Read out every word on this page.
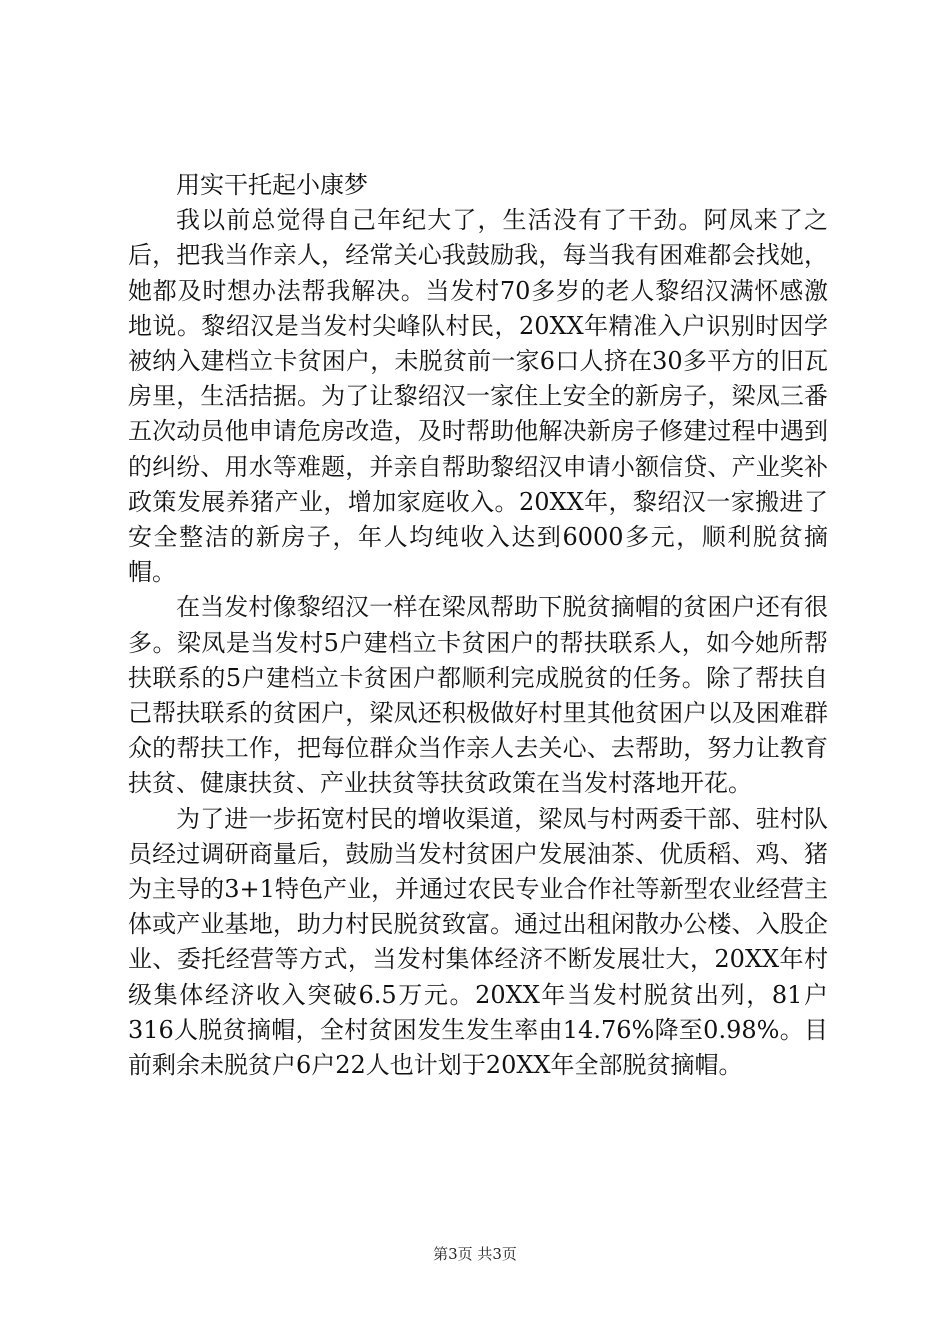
用实干托起小康梦

我以前总觉得自己年纪大了，生活没有了干劲。阿凤来了之后，把我当作亲人，经常关心我鼓励我，每当我有困难都会找她，她都及时想办法帮我解决。当发村70多岁的老人黎绍汉满怀感激地说。黎绍汉是当发村尖峰队村民，20XX年精准入户识别时因学被纳入建档立卡贫困户，未脱贫前一家6口人挤在30多平方的旧瓦房里，生活拮据。为了让黎绍汉一家住上安全的新房子，梁凤三番五次动员他申请危房改造，及时帮助他解决新房子修建过程中遇到的纠纷、用水等难题，并亲自帮助黎绍汉申请小额信贷、产业奖补政策发展养猪产业，增加家庭收入。20XX年，黎绍汉一家搬进了安全整洁的新房子，年人均纯收入达到6000多元，顺利脱贫摘帽。

在当发村像黎绍汉一样在梁凤帮助下脱贫摘帽的贫困户还有很多。梁凤是当发村5户建档立卡贫困户的帮扶联系人，如今她所帮扶联系的5户建档立卡贫困户都顺利完成脱贫的任务。除了帮扶自己帮扶联系的贫困户，梁凤还积极做好村里其他贫困户以及困难群众的帮扶工作，把每位群众当作亲人去关心、去帮助，努力让教育扶贫、健康扶贫、产业扶贫等扶贫政策在当发村落地开花。

为了进一步拓宽村民的增收渠道，梁凤与村两委干部、驻村队员经过调研商量后，鼓励当发村贫困户发展油茶、优质稻、鸡、猪为主导的3+1特色产业，并通过农民专业合作社等新型农业经营主体或产业基地，助力村民脱贫致富。通过出租闲散办公楼、入股企业、委托经营等方式，当发村集体经济不断发展壮大，20XX年村级集体经济收入突破6.5万元。20XX年当发村脱贫出列，81户316人脱贫摘帽，全村贫困发生发生率由14.76%降至0.98%。目前剩余未脱贫户6户22人也计划于20XX年全部脱贫摘帽。

第3页 共3页
